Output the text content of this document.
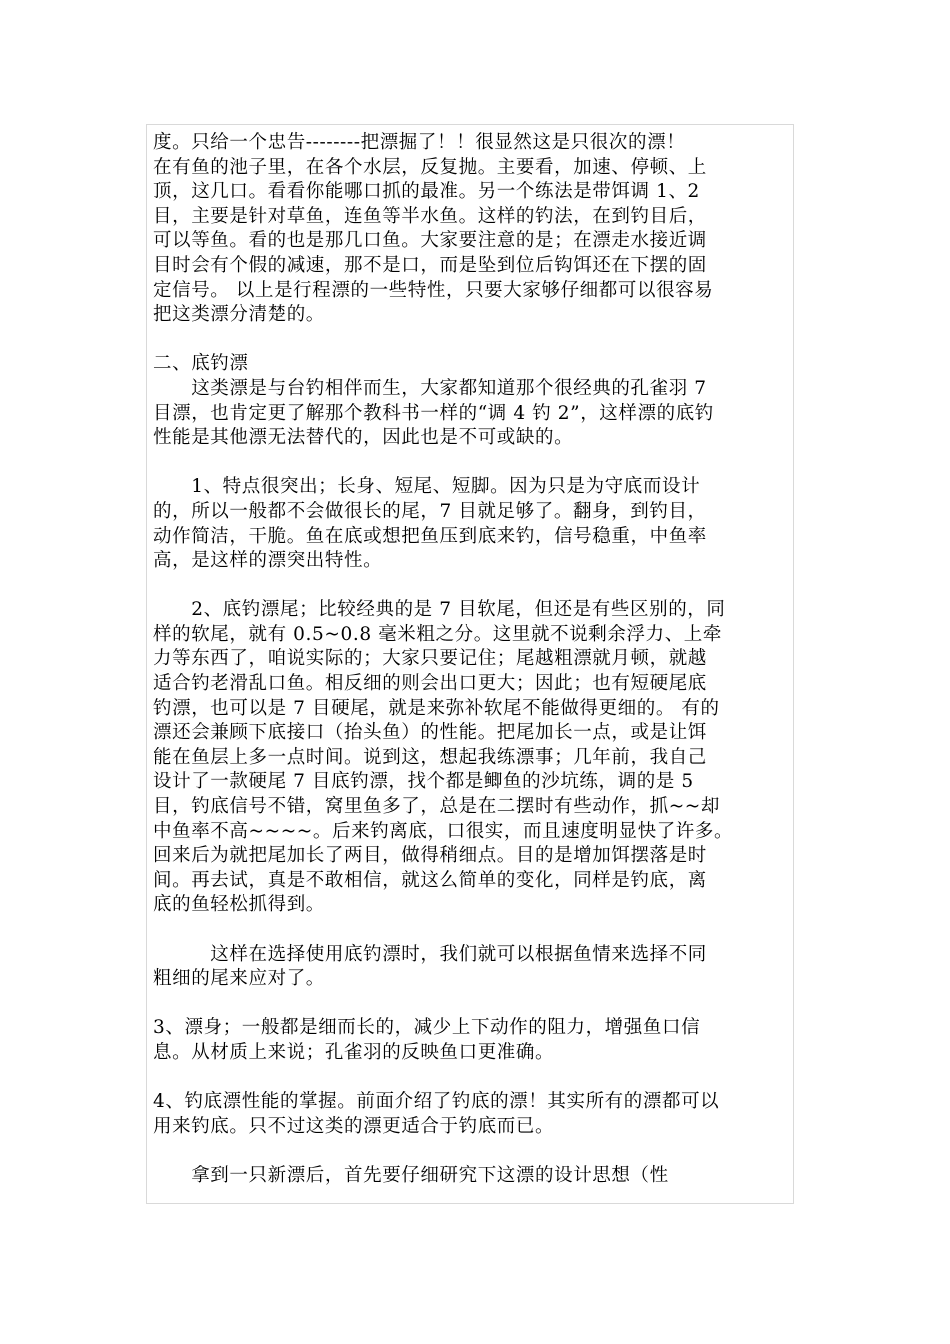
度。只给一个忠告--------把漂掘了！！很显然这是只很次的漂！
在有鱼的池子里，在各个水层，反复抛。主要看，加速、停顿、上
顶，这几口。看看你能哪口抓的最准。另一个练法是带饵调 1、2
目，主要是针对草鱼，连鱼等半水鱼。这样的钓法，在到钓目后，
可以等鱼。看的也是那几口鱼。大家要注意的是；在漂走水接近调
目时会有个假的减速，那不是口，而是坠到位后钩饵还在下摆的固
定信号。 以上是行程漂的一些特性，只要大家够仔细都可以很容易
把这类漂分清楚的。
二、底钓漂
　　这类漂是与台钓相伴而生，大家都知道那个很经典的孔雀羽 7
目漂，也肯定更了解那个教科书一样的“调 4 钓 2”，这样漂的底钓
性能是其他漂无法替代的，因此也是不可或缺的。
　　1、特点很突出；长身、短尾、短脚。因为只是为守底而设计
的，所以一般都不会做很长的尾，7 目就足够了。翻身，到钓目，
动作简洁，干脆。鱼在底或想把鱼压到底来钓，信号稳重，中鱼率
高，是这样的漂突出特性。
　　2、底钓漂尾；比较经典的是 7 目软尾，但还是有些区别的，同
样的软尾，就有 0.5~0.8 毫米粗之分。这里就不说剩余浮力、上牵
力等东西了，咱说实际的；大家只要记住；尾越粗漂就月顿，就越
适合钓老滑乱口鱼。相反细的则会出口更大；因此；也有短硬尾底
钓漂，也可以是 7 目硬尾，就是来弥补软尾不能做得更细的。 有的
漂还会兼顾下底接口（抬头鱼）的性能。把尾加长一点，或是让饵
能在鱼层上多一点时间。说到这，想起我练漂事；几年前，我自己
设计了一款硬尾 7 目底钓漂，找个都是鲫鱼的沙坑练，调的是 5
目，钓底信号不错，窝里鱼多了，总是在二摆时有些动作，抓~~却
中鱼率不高~~~~。后来钓离底，口很实，而且速度明显快了许多。
回来后为就把尾加长了两目，做得稍细点。目的是增加饵摆落是时
间。再去试，真是不敢相信，就这么简单的变化，同样是钓底，离
底的鱼轻松抓得到。
　　　这样在选择使用底钓漂时，我们就可以根据鱼情来选择不同
粗细的尾来应对了。
3、漂身；一般都是细而长的，减少上下动作的阻力，增强鱼口信
息。从材质上来说；孔雀羽的反映鱼口更准确。
4、钓底漂性能的掌握。前面介绍了钓底的漂！其实所有的漂都可以
用来钓底。只不过这类的漂更适合于钓底而已。
　　拿到一只新漂后，首先要仔细研究下这漂的设计思想（性
